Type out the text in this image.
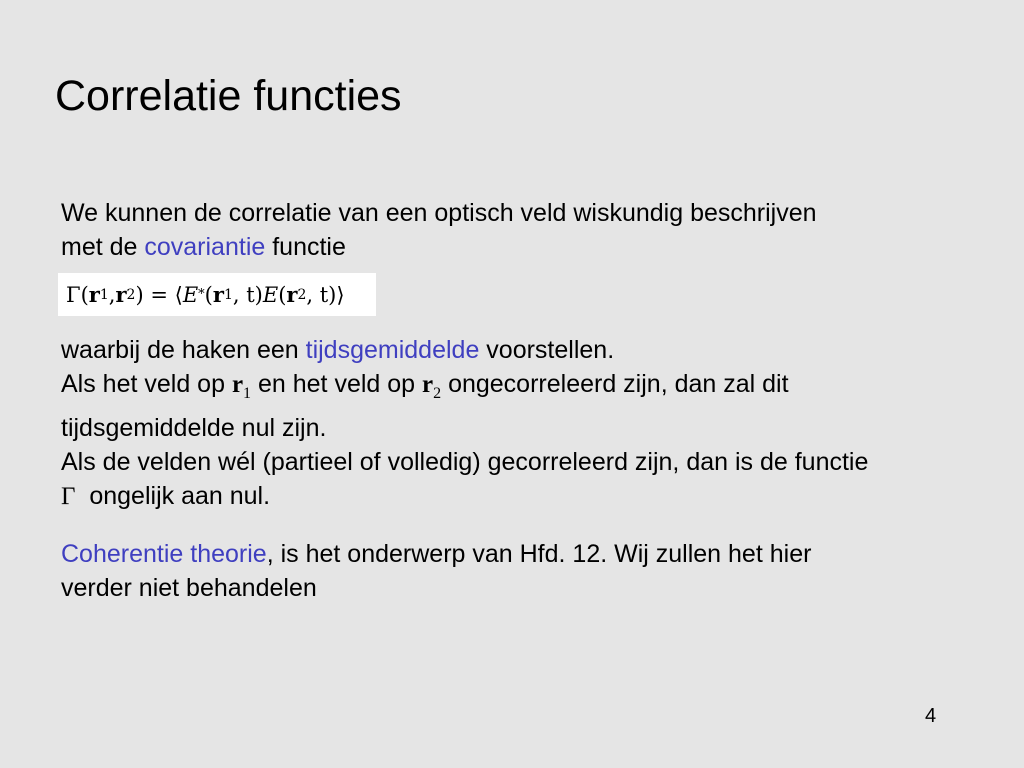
Correlatie functies
We kunnen de correlatie van een optisch veld wiskundig beschrijven
met de covariantie functie
Γ ( r 1 , r 2 ) = ⟨ E * ( r 1 , t) E ( r 2 , t)⟩
waarbij de haken een tijdsgemiddelde voorstellen.
Als het veld op $r_1$ en het veld op $r_2$ ongecorreleerd zijn, dan zal dit
tijdsgemiddelde nul zijn.
Als de velden wél (partieel of volledig) gecorreleerd zijn, dan is de functie
Γ  ongelijk aan nul.
Coherentie theorie, is het onderwerp van Hfd. 12. Wij zullen het hier
verder niet behandelen
4
